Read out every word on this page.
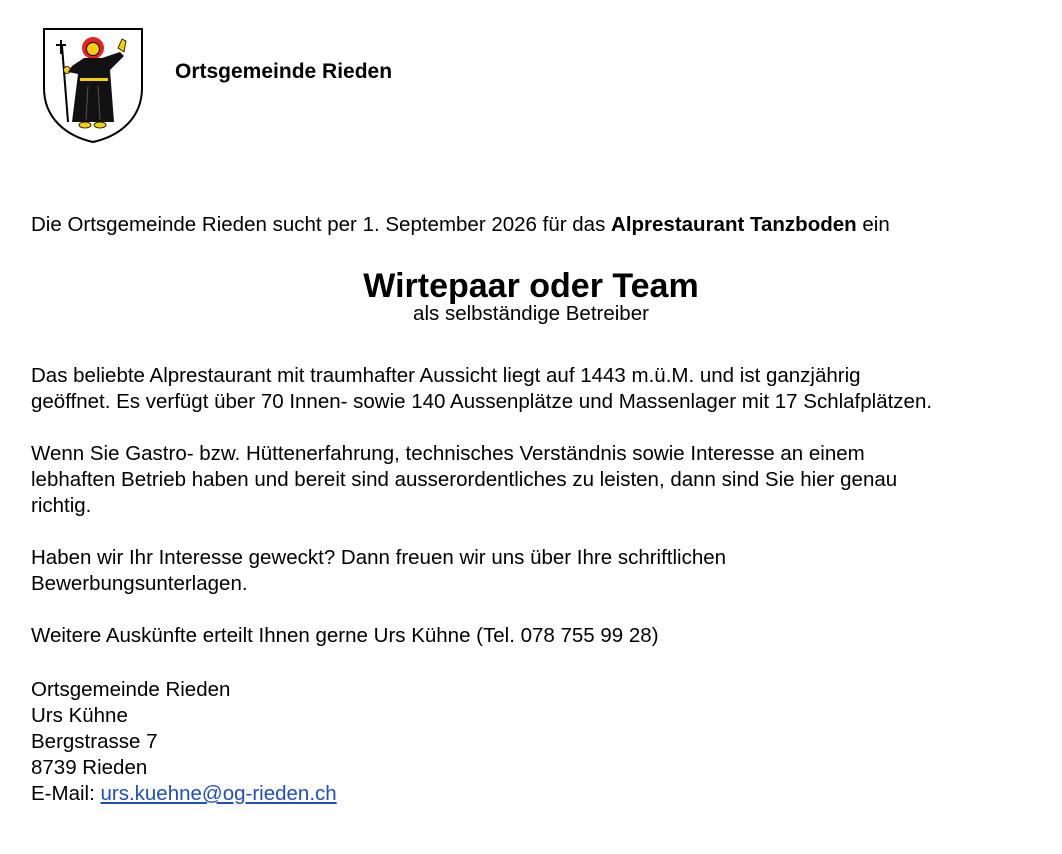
Ortsgemeinde Rieden
Die Ortsgemeinde Rieden sucht per 1. September 2026 für das Alprestaurant Tanzboden ein
Wirtepaar oder Team
als selbständige Betreiber
Das beliebte Alprestaurant mit traumhafter Aussicht liegt auf 1443 m.ü.M. und ist ganzjährig
geöffnet. Es verfügt über 70 Innen- sowie 140 Aussenplätze und Massenlager mit 17 Schlafplätzen.
Wenn Sie Gastro- bzw. Hüttenerfahrung, technisches Verständnis sowie Interesse an einem
lebhaften Betrieb haben und bereit sind ausserordentliches zu leisten, dann sind Sie hier genau
richtig.
Haben wir Ihr Interesse geweckt? Dann freuen wir uns über Ihre schriftlichen
Bewerbungsunterlagen.
Weitere Auskünfte erteilt Ihnen gerne Urs Kühne (Tel. 078 755 99 28)
Ortsgemeinde Rieden
Urs Kühne
Bergstrasse 7
8739 Rieden
E-Mail: urs.kuehne@og-rieden.ch
